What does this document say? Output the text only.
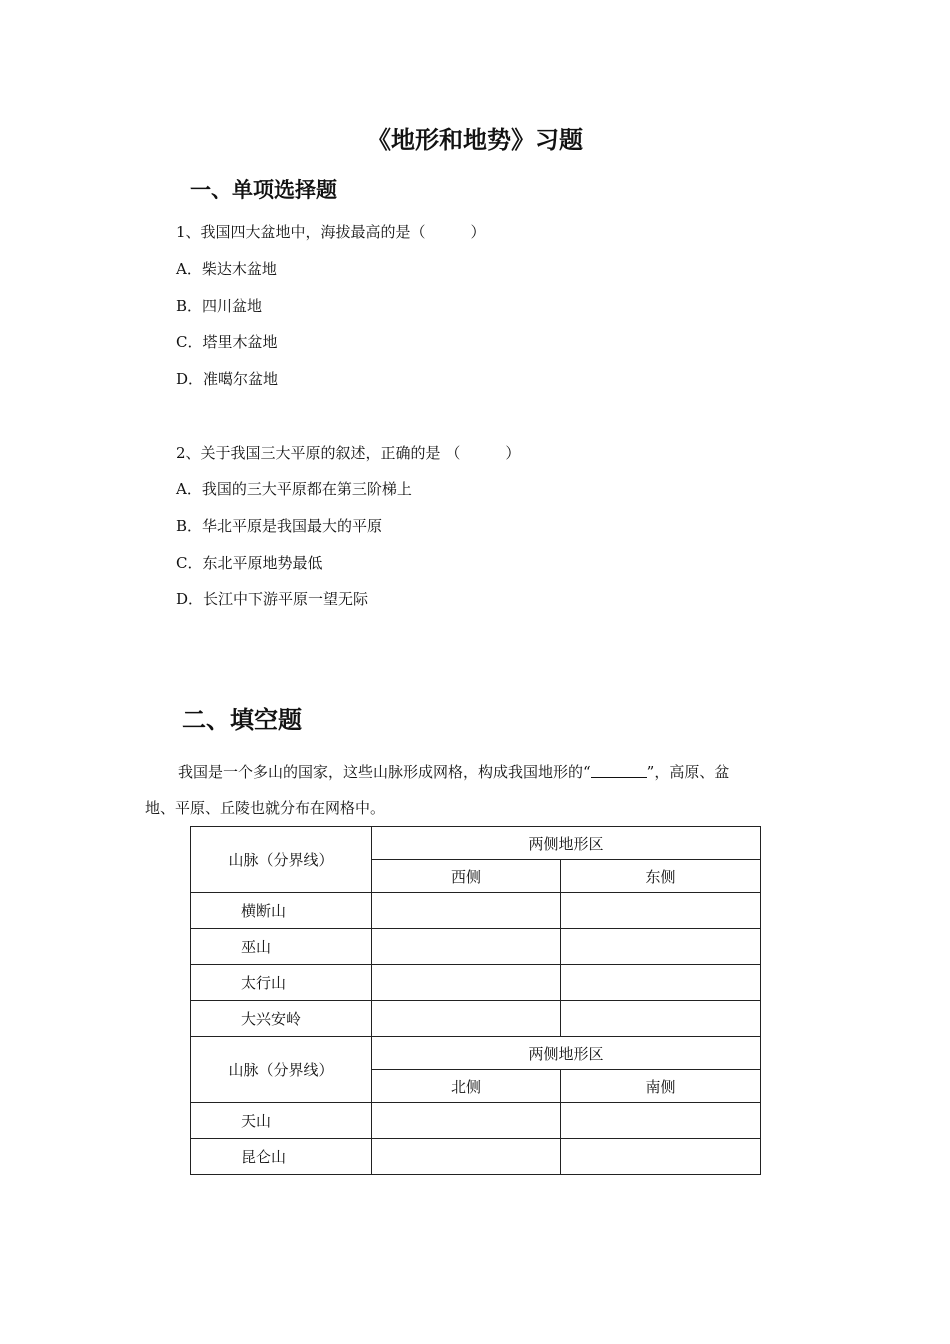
《地形和地势》习题
一、单项选择题
1、我国四大盆地中，海拔最高的是（　　　）
A．柴达木盆地
B．四川盆地
C．塔里木盆地
D．准噶尔盆地
2、关于我国三大平原的叙述，正确的是 （　　　）
A．我国的三大平原都在第三阶梯上
B．华北平原是我国最大的平原
C．东北平原地势最低
D．长江中下游平原一望无际
二、填空题
我国是一个多山的国家，这些山脉形成网格，构成我国地形的“	”，高原、盆
地、平原、丘陵也就分布在网格中。
山脉（分界线）	两侧地形区	
	西侧	东侧
横断山		
巫山		
太行山		
大兴安岭		
山脉（分界线）	两侧地形区	
	北侧	南侧
天山		
昆仑山		
